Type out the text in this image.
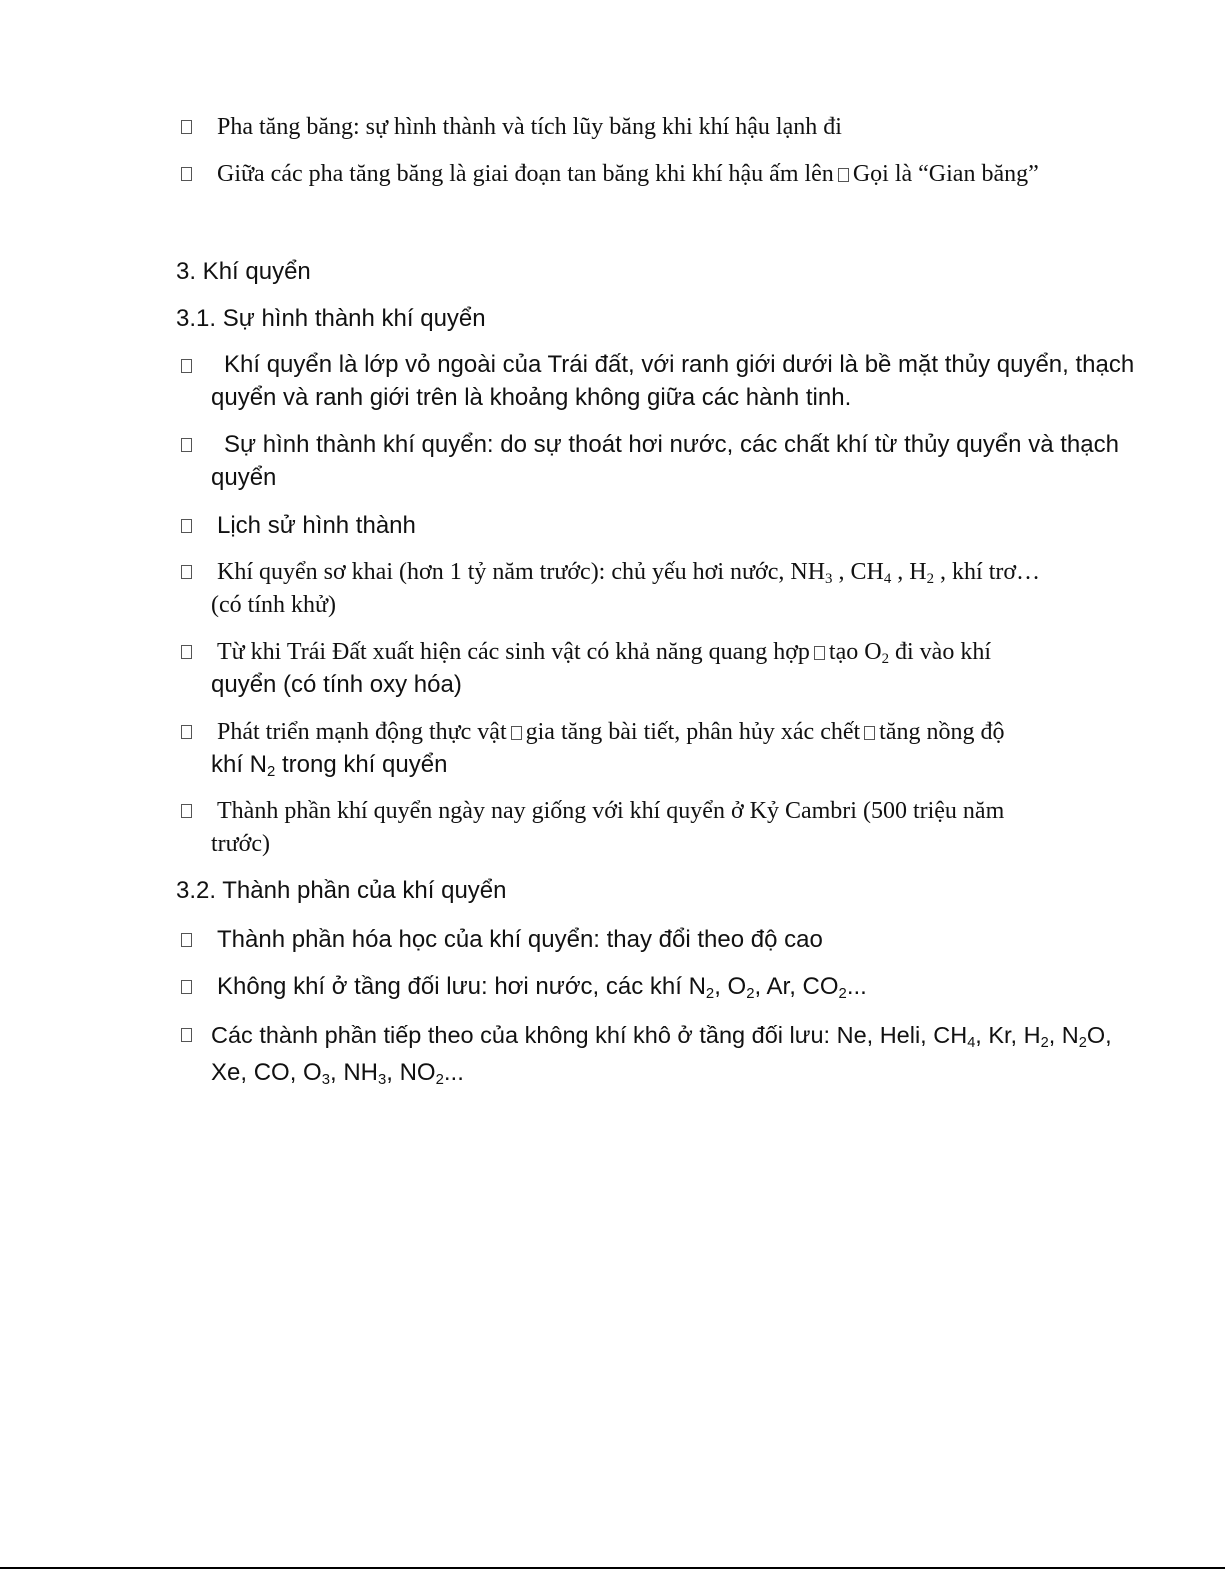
Pha tăng băng: sự hình thành và tích lũy băng khi khí hậu lạnh đi
Giữa các pha tăng băng là giai đoạn tan băng khi khí hậu ấm lên Gọi là “Gian băng”
3. Khí quyển
3.1. Sự hình thành khí quyển
Khí quyển là lớp vỏ ngoài của Trái đất, với ranh giới dưới là bề mặt thủy quyển, thạch
quyển và ranh giới trên là khoảng không giữa các hành tinh.
Sự hình thành khí quyển: do sự thoát hơi nước, các chất khí từ thủy quyển và thạch
quyển
Lịch sử hình thành
Khí quyển sơ khai (hơn 1 tỷ năm trước): chủ yếu hơi nước, $NH_3$ , $CH_4$ , $H_2$ , khí trơ…
(có tính khử)
Từ khi Trái Đất xuất hiện các sinh vật có khả năng quang hợp tạo $O_2$ đi vào khí
quyển (có tính oxy hóa)
Phát triển mạnh động thực vật gia tăng bài tiết, phân hủy xác chết tăng nồng độ
khí $N_2$ trong khí quyển
Thành phần khí quyển ngày nay giống với khí quyển ở Kỷ Cambri (500 triệu năm
trước)
3.2. Thành phần của khí quyển
Thành phần hóa học của khí quyển: thay đổi theo độ cao
Không khí ở tầng đối lưu: hơi nước, các khí $N_2$, $O_2$, Ar, $CO_2$...
Các thành phần tiếp theo của không khí khô ở tầng đối lưu: Ne, Heli, $CH_4$, Kr, $H_2$, $N_2O$,
Xe, CO, $O_3$, $NH_3$, $NO_2$...
